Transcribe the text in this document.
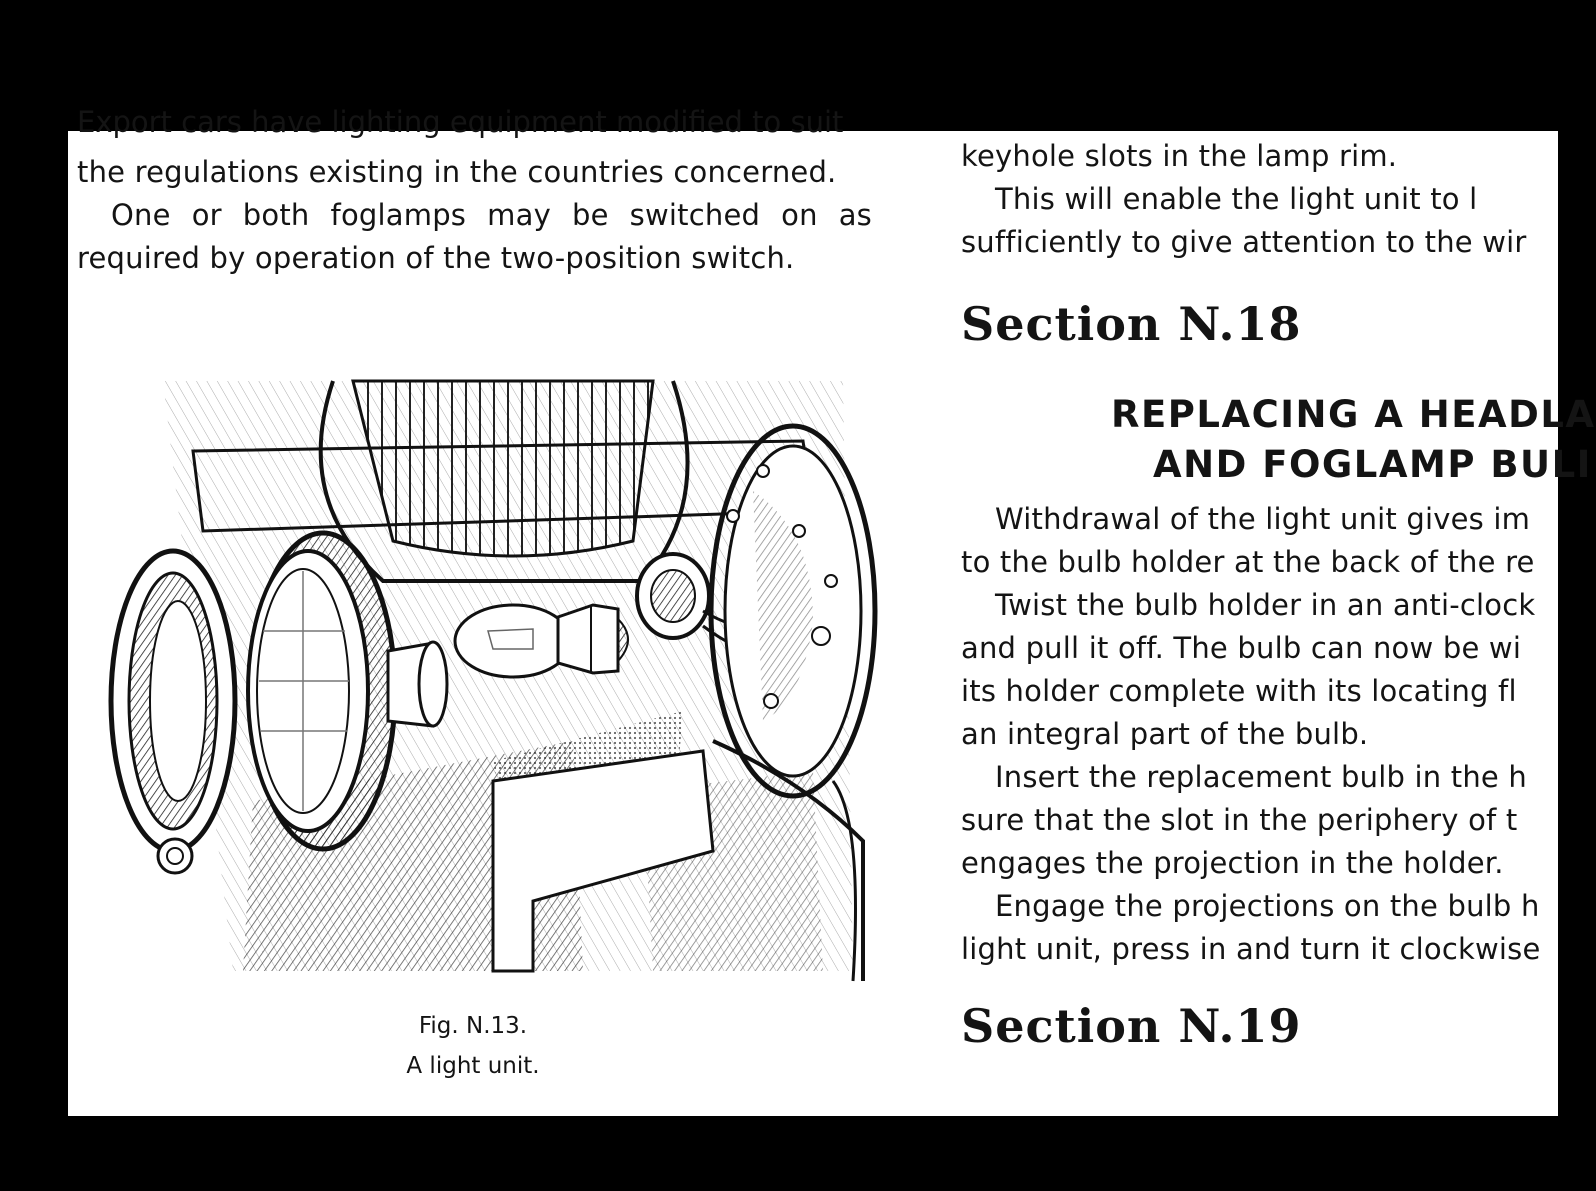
Export cars have lighting equipment modified to suit

the regulations existing in the countries concerned.

One or both foglamps may be switched on as

required by operation of the two-position switch.

Fig. N.13.
A light unit.

keyhole slots in the lamp rim.

This will enable the light unit to l

sufficiently to give attention to the wir

Section N.18
REPLACING A HEADLA
AND FOGLAMP BULI

Withdrawal of the light unit gives im

to the bulb holder at the back of the re

Twist the bulb holder in an anti-clock

and pull it off. The bulb can now be wi

its holder complete with its locating fl

an integral part of the bulb.

Insert the replacement bulb in the h

sure that the slot in the periphery of t

engages the projection in the holder.

Engage the projections on the bulb h

light unit, press in and turn it clockwise

Section N.19
